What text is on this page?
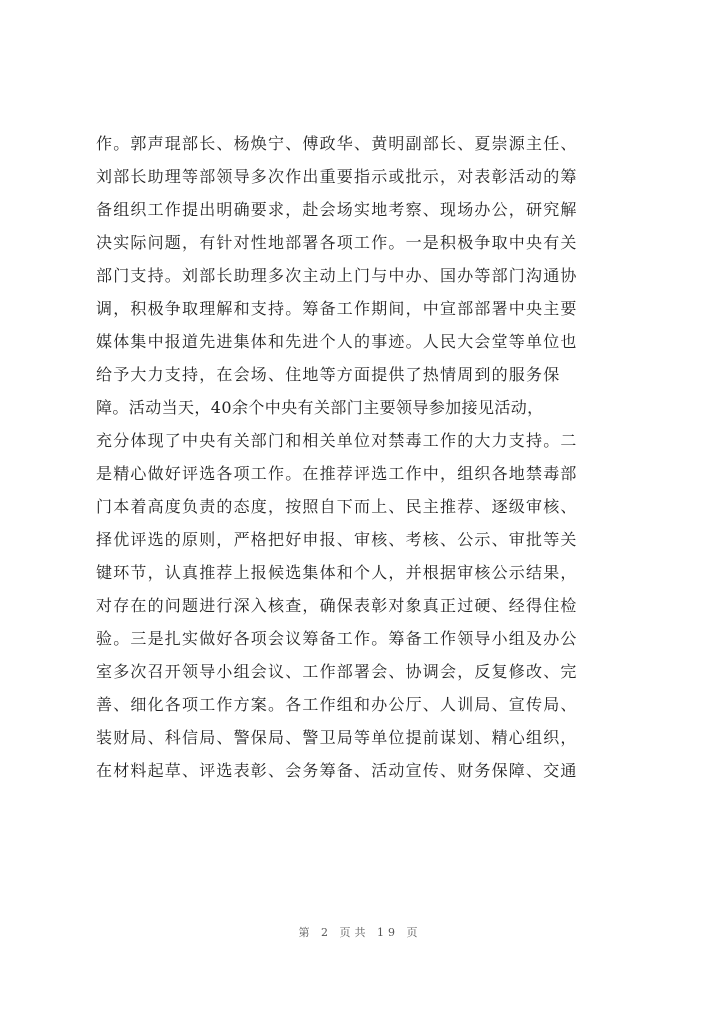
作。郭声琨部长、杨焕宁、傅政华、黄明副部长、夏崇源主任、
刘部长助理等部领导多次作出重要指示或批示，对表彰活动的筹
备组织工作提出明确要求，赴会场实地考察、现场办公，研究解
决实际问题，有针对性地部署各项工作。一是积极争取中央有关
部门支持。刘部长助理多次主动上门与中办、国办等部门沟通协
调，积极争取理解和支持。筹备工作期间，中宣部部署中央主要
媒体集中报道先进集体和先进个人的事迹。人民大会堂等单位也
给予大力支持，在会场、住地等方面提供了热情周到的服务保
障。活动当天，40余个中央有关部门主要领导参加接见活动，
充分体现了中央有关部门和相关单位对禁毒工作的大力支持。二
是精心做好评选各项工作。在推荐评选工作中，组织各地禁毒部
门本着高度负责的态度，按照自下而上、民主推荐、逐级审核、
择优评选的原则，严格把好申报、审核、考核、公示、审批等关
键环节，认真推荐上报候选集体和个人，并根据审核公示结果，
对存在的问题进行深入核查，确保表彰对象真正过硬、经得住检
验。三是扎实做好各项会议筹备工作。筹备工作领导小组及办公
室多次召开领导小组会议、工作部署会、协调会，反复修改、完
善、细化各项工作方案。各工作组和办公厅、人训局、宣传局、
装财局、科信局、警保局、警卫局等单位提前谋划、精心组织，
在材料起草、评选表彰、会务筹备、活动宣传、财务保障、交通
第 2 页共 19 页
